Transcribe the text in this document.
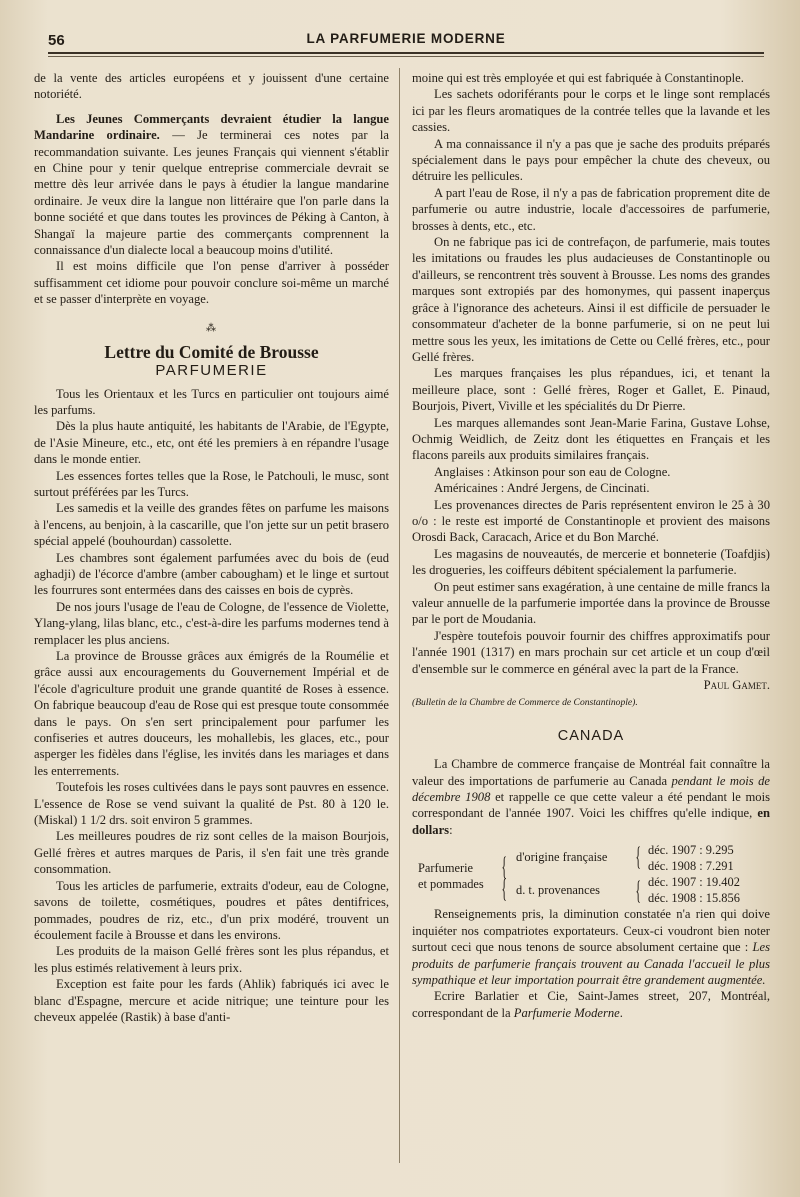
56	LA PARFUMERIE MODERNE

de la vente des articles européens et y jouissent d'une certaine notoriété.

Les Jeunes Commerçants devraient étudier la langue Mandarine ordinaire. — Je terminerai ces notes par la recommandation suivante. Les jeunes Français qui viennent s'établir en Chine pour y tenir quelque entreprise commerciale devrait se mettre dès leur arrivée dans le pays à étudier la langue mandarine ordinaire. Je veux dire la langue non littéraire que l'on parle dans la bonne société et que dans toutes les provinces de Péking à Canton, à Shangaï la majeure partie des commerçants comprennent la connaissance d'un dialecte local a beaucoup moins d'utilité.

Il est moins difficile que l'on pense d'arriver à posséder suffisamment cet idiome pour pouvoir conclure soi-même un marché et se passer d'interprète en voyage.

⁂
Lettre du Comité de Brousse
PARFUMERIE

Tous les Orientaux et les Turcs en particulier ont toujours aimé les parfums.

Dès la plus haute antiquité, les habitants de l'Arabie, de l'Egypte, de l'Asie Mineure, etc., etc, ont été les premiers à en répandre l'usage dans le monde entier.

Les essences fortes telles que la Rose, le Patchouli, le musc, sont surtout préférées par les Turcs.

Les samedis et la veille des grandes fêtes on parfume les maisons à l'encens, au benjoin, à la cascarille, que l'on jette sur un petit brasero spécial appelé (bouhourdan) cassolette.

Les chambres sont également parfumées avec du bois de (eud aghadji) de l'écorce d'ambre (amber cabougham) et le linge et surtout les fourrures sont entermées dans des caisses en bois de cyprès.

De nos jours l'usage de l'eau de Cologne, de l'essence de Violette, Ylang-ylang, lilas blanc, etc., c'est-à-dire les parfums modernes tend à remplacer les plus anciens.

La province de Brousse grâces aux émigrés de la Roumélie et grâce aussi aux encouragements du Gouvernement Impérial et de l'école d'agriculture produit une grande quantité de Roses à essence. On fabrique beaucoup d'eau de Rose qui est presque toute consommée dans le pays. On s'en sert principalement pour parfumer les confiseries et autres douceurs, les mohallebis, les glaces, etc., pour asperger les fidèles dans l'église, les invités dans les mariages et dans les enterrements.

Toutefois les roses cultivées dans le pays sont pauvres en essence. L'essence de Rose se vend suivant la qualité de Pst. 80 à 120 le.(Miskal) 1 1/2 drs. soit environ 5 grammes.

Les meilleures poudres de riz sont celles de la maison Bourjois, Gellé frères et autres marques de Paris, il s'en fait une très grande consommation.

Tous les articles de parfumerie, extraits d'odeur, eau de Cologne, savons de toilette, cosmétiques, poudres et pâtes dentifrices, pommades, poudres de riz, etc., d'un prix modéré, trouvent un écoulement facile à Brousse et dans les environs.

Les produits de la maison Gellé frères sont les plus répandus, et les plus estimés relativement à leurs prix.

Exception est faite pour les fards (Ahlik) fabriqués ici avec le blanc d'Espagne, mercure et acide nitrique; une teinture pour les cheveux appelée (Rastik) à base d'anti-

moine qui est très employée et qui est fabriquée à Constantinople.

Les sachets odoriférants pour le corps et le linge sont remplacés ici par les fleurs aromatiques de la contrée telles que la lavande et les cassies.

A ma connaissance il n'y a pas que je sache des produits préparés spécialement dans le pays pour empêcher la chute des cheveux, ou détruire les pellicules.

A part l'eau de Rose, il n'y a pas de fabrication proprement dite de parfumerie ou autre industrie, locale d'accessoires de parfumerie, brosses à dents, etc., etc.

On ne fabrique pas ici de contrefaçon, de parfumerie, mais toutes les imitations ou fraudes les plus audacieuses de Constantinople ou d'ailleurs, se rencontrent très souvent à Brousse. Les noms des grandes marques sont extropiés par des homonymes, qui passent inaperçus grâce à l'ignorance des acheteurs. Ainsi il est difficile de persuader le consommateur d'acheter de la bonne parfumerie, si on ne peut lui mettre sous les yeux, les imitations de Cette ou Cellé frères, etc., pour Gellé frères.

Les marques françaises les plus répandues, ici, et tenant la meilleure place, sont : Gellé frères, Roger et Gallet, E. Pinaud, Bourjois, Pivert, Viville et les spécialités du Dr Pierre.

Les marques allemandes sont Jean-Marie Farina, Gustave Lohse, Ochmig Weidlich, de Zeitz dont les étiquettes en Français et les flacons pareils aux produits similaires français.

Anglaises : Atkinson pour son eau de Cologne.

Américaines : André Jergens, de Cincinati.

Les provenances directes de Paris représentent environ le 25 à 30 o/o : le reste est importé de Constantinople et provient des maisons Orosdi Back, Caracach, Arice et du Bon Marché.

Les magasins de nouveautés, de mercerie et bonneterie (Toafdjis) les drogueries, les coiffeurs débitent spécialement la parfumerie.

On peut estimer sans exagération, à une centaine de mille francs la valeur annuelle de la parfumerie importée dans la province de Brousse par le port de Moudania.

J'espère toutefois pouvoir fournir des chiffres approximatifs pour l'année 1901 (1317) en mars prochain sur cet article et un coup d'œil d'ensemble sur le commerce en général avec la part de la France.

Paul Gamet.

(Bulletin de la Chambre de Commerce de Constantinople).

CANADA

La Chambre de commerce française de Montréal fait connaître la valeur des importations de parfumerie au Canada pendant le mois de décembre 1908 et rappelle ce que cette valeur a été pendant le mois correspondant de l'année 1907. Voici les chiffres qu'elle indique, en dollars:

Parfumerie
et pommades
{
{
d'origine française
d. t. provenances
{
{
déc. 1907 : 9.295
déc. 1908 : 7.291
déc. 1907 : 19.402
déc. 1908 : 15.856

Renseignements pris, la diminution constatée n'a rien qui doive inquiéter nos compatriotes exportateurs. Ceux-ci voudront bien noter surtout ceci que nous tenons de source absolument certaine que : Les produits de parfumerie français trouvent au Canada l'accueil le plus sympathique et leur importation pourrait être grandement augmentée.

Ecrire Barlatier et Cie, Saint-James street, 207, Montréal, correspondant de la Parfumerie Moderne.
